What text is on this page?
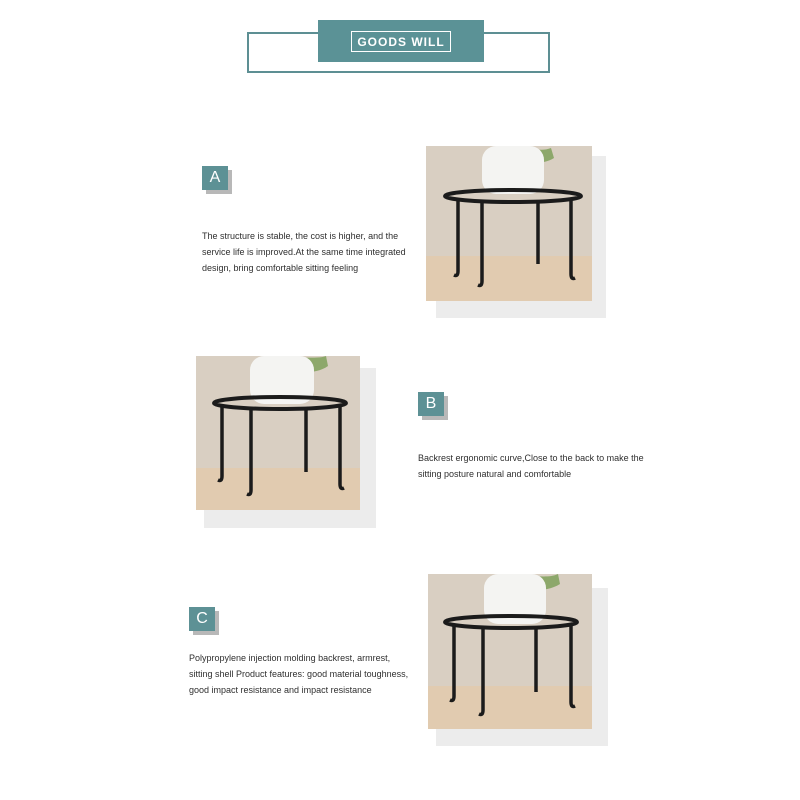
GOODS WILL
A

The structure is stable, the cost is higher, and the
service life is improved.At the same time integrated
design, bring comfortable sitting feeling

B

Backrest ergonomic curve,Close to the back to make the
sitting posture natural and comfortable

C

Polypropylene injection molding backrest, armrest,
sitting shell Product features: good material toughness,
good impact resistance and impact resistance
